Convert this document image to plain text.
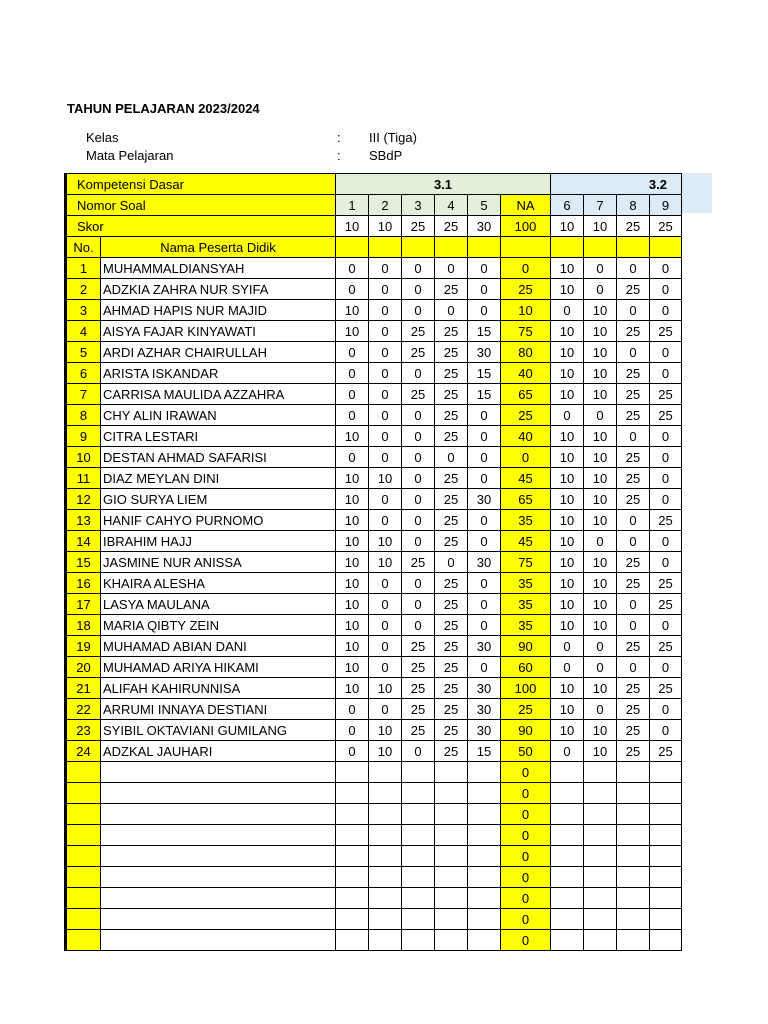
TAHUN PELAJARAN 2023/2024
Kelas	: III (Tiga)
Mata Pelajaran	: SBdP
Kompetensi Dasar		3.1						3.2			
Nomor Soal		1	2	3	4	5	NA	6	7	8	9
Skor		10	10	25	25	30	100	10	10	25	25
No.	Nama Peserta Didik										
1	MUHAMMALDIANSYAH	0	0	0	0	0	0	10	0	0	0
2	ADZKIA ZAHRA NUR SYIFA	0	0	0	25	0	25	10	0	25	0
3	AHMAD HAPIS NUR MAJID	10	0	0	0	0	10	0	10	0	0
4	AISYA FAJAR KINYAWATI	10	0	25	25	15	75	10	10	25	25
5	ARDI AZHAR CHAIRULLAH	0	0	25	25	30	80	10	10	0	0
6	ARISTA ISKANDAR	0	0	0	25	15	40	10	10	25	0
7	CARRISA MAULIDA AZZAHRA	0	0	25	25	15	65	10	10	25	25
8	CHY ALIN IRAWAN	0	0	0	25	0	25	0	0	25	25
9	CITRA LESTARI	10	0	0	25	0	40	10	10	0	0
10	DESTAN AHMAD SAFARISI	0	0	0	0	0	0	10	10	25	0
11	DIAZ MEYLAN DINI	10	10	0	25	0	45	10	10	25	0
12	GIO SURYA LIEM	10	0	0	25	30	65	10	10	25	0
13	HANIF CAHYO PURNOMO	10	0	0	25	0	35	10	10	0	25
14	IBRAHIM HAJJ	10	10	0	25	0	45	10	0	0	0
15	JASMINE NUR ANISSA	10	10	25	0	30	75	10	10	25	0
16	KHAIRA ALESHA	10	0	0	25	0	35	10	10	25	25
17	LASYA MAULANA	10	0	0	25	0	35	10	10	0	25
18	MARIA QIBTY ZEIN	10	0	0	25	0	35	10	10	0	0
19	MUHAMAD ABIAN DANI	10	0	25	25	30	90	0	0	25	25
20	MUHAMAD ARIYA HIKAMI	10	0	25	25	0	60	0	0	0	0
21	ALIFAH KAHIRUNNISA	10	10	25	25	30	100	10	10	25	25
22	ARRUMI INNAYA DESTIANI	0	0	25	25	30	25	10	0	25	0
23	SYIBIL OKTAVIANI GUMILANG	0	10	25	25	30	90	10	10	25	0
24	ADZKAL JAUHARI	0	10	0	25	15	50	0	10	25	25
							0				
							0				
							0				
							0				
							0				
							0				
							0				
							0				
							0				
